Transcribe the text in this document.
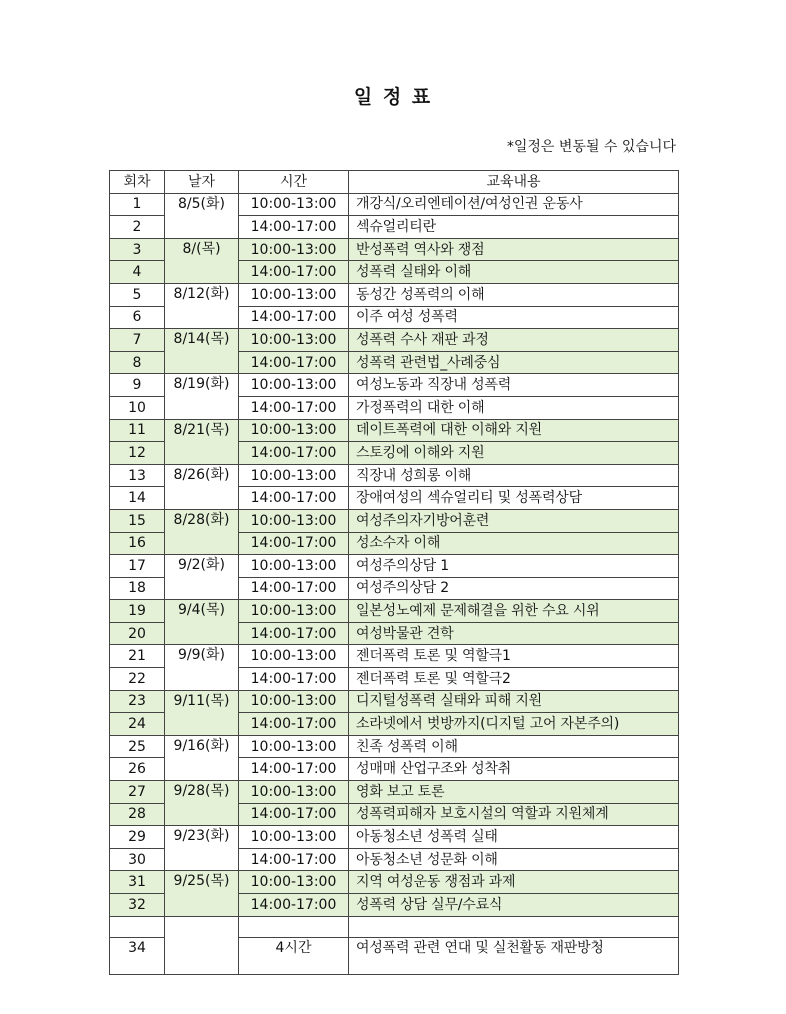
일 정 표
*일정은 변동될 수 있습니다
회차	날자	시간	교육내용
1	8/5(화)	10:00-13:00	개강식/오리엔테이션/여성인권 운동사
2		14:00-17:00	섹슈얼리티란
3	8/(목)	10:00-13:00	반성폭력 역사와 쟁점
4		14:00-17:00	성폭력 실태와 이해
5	8/12(화)	10:00-13:00	동성간 성폭력의 이해
6		14:00-17:00	이주 여성 성폭력
7	8/14(목)	10:00-13:00	성폭력 수사 재판 과정
8		14:00-17:00	성폭력 관련법_사례중심
9	8/19(화)	10:00-13:00	여성노동과 직장내 성폭력
10		14:00-17:00	가정폭력의 대한 이해
11	8/21(목)	10:00-13:00	데이트폭력에 대한 이해와 지원
12		14:00-17:00	스토킹에 이해와 지원
13	8/26(화)	10:00-13:00	직장내 성희롱 이해
14		14:00-17:00	장애여성의 섹슈얼리티 및 성폭력상담
15	8/28(화)	10:00-13:00	여성주의자기방어훈련
16		14:00-17:00	성소수자 이해
17	9/2(화)	10:00-13:00	여성주의상담 1
18		14:00-17:00	여성주의상담 2
19	9/4(목)	10:00-13:00	일본성노예제 문제해결을 위한 수요 시위
20		14:00-17:00	여성박물관 견학
21	9/9(화)	10:00-13:00	젠더폭력 토론 및 역할극1
22		14:00-17:00	젠더폭력 토론 및 역할극2
23	9/11(목)	10:00-13:00	디지털성폭력 실태와 피해 지원
24		14:00-17:00	소라넷에서 벗방까지(디지털 고어 자본주의)
25	9/16(화)	10:00-13:00	친족 성폭력 이해
26		14:00-17:00	성매매 산업구조와 성착취
27	9/28(목)	10:00-13:00	영화 보고 토론
28		14:00-17:00	성폭력피해자 보호시설의 역할과 지원체계
29	9/23(화)	10:00-13:00	아동청소년 성폭력 실태
30		14:00-17:00	아동청소년 성문화 이해
31	9/25(목)	10:00-13:00	지역 여성운동 쟁점과 과제
32		14:00-17:00	성폭력 상담 실무/수료식

34		4시간	여성폭력 관련 연대 및 실천활동 재판방청
